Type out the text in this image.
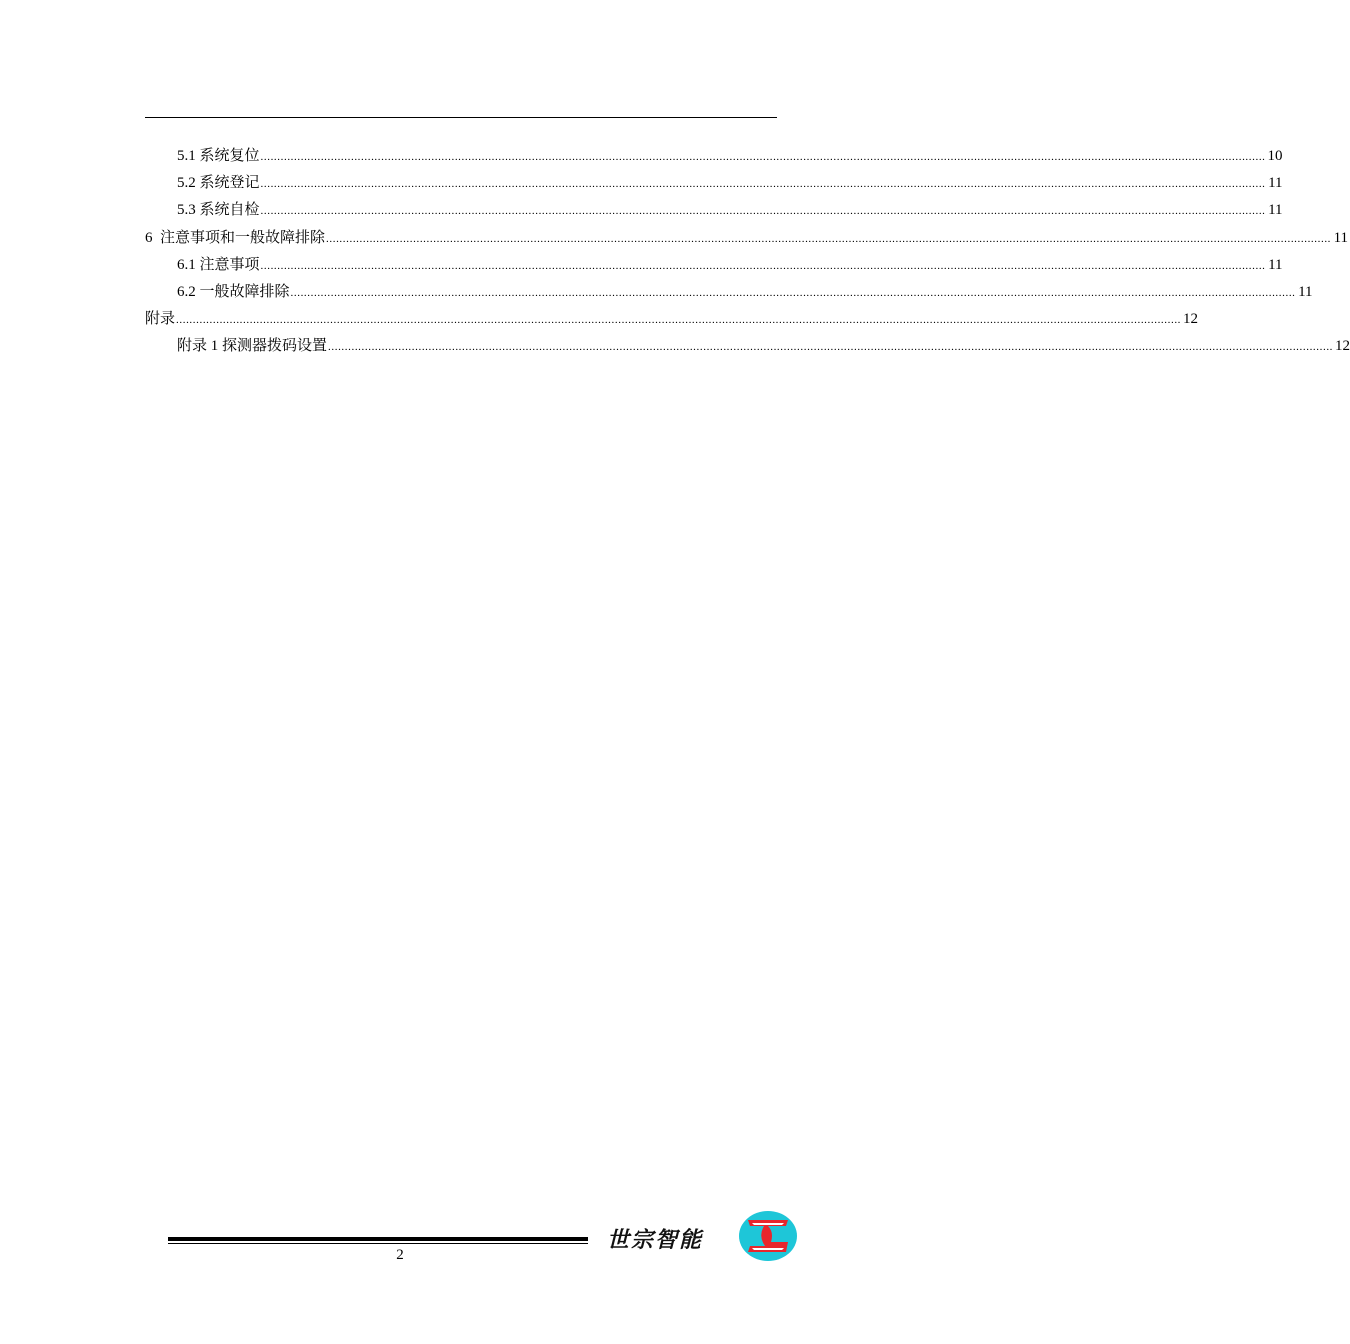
5.1 系统复位 ............................................................................................................................................................................................................................................................................................................ 10
5.2 系统登记 ............................................................................................................................................................................................................................................................................................................ 11
5.3 系统自检 ............................................................................................................................................................................................................................................................................................................ 11
6  注意事项和一般故障排除 ............................................................................................................................................................................................................................................................................................................ 11
6.1 注意事项 ............................................................................................................................................................................................................................................................................................................ 11
6.2 一般故障排除 ............................................................................................................................................................................................................................................................................................................ 11
附录 ............................................................................................................................................................................................................................................................................................................ 12
附录 1 探测器拨码设置 ............................................................................................................................................................................................................................................................................................................ 12
2
世宗智能
